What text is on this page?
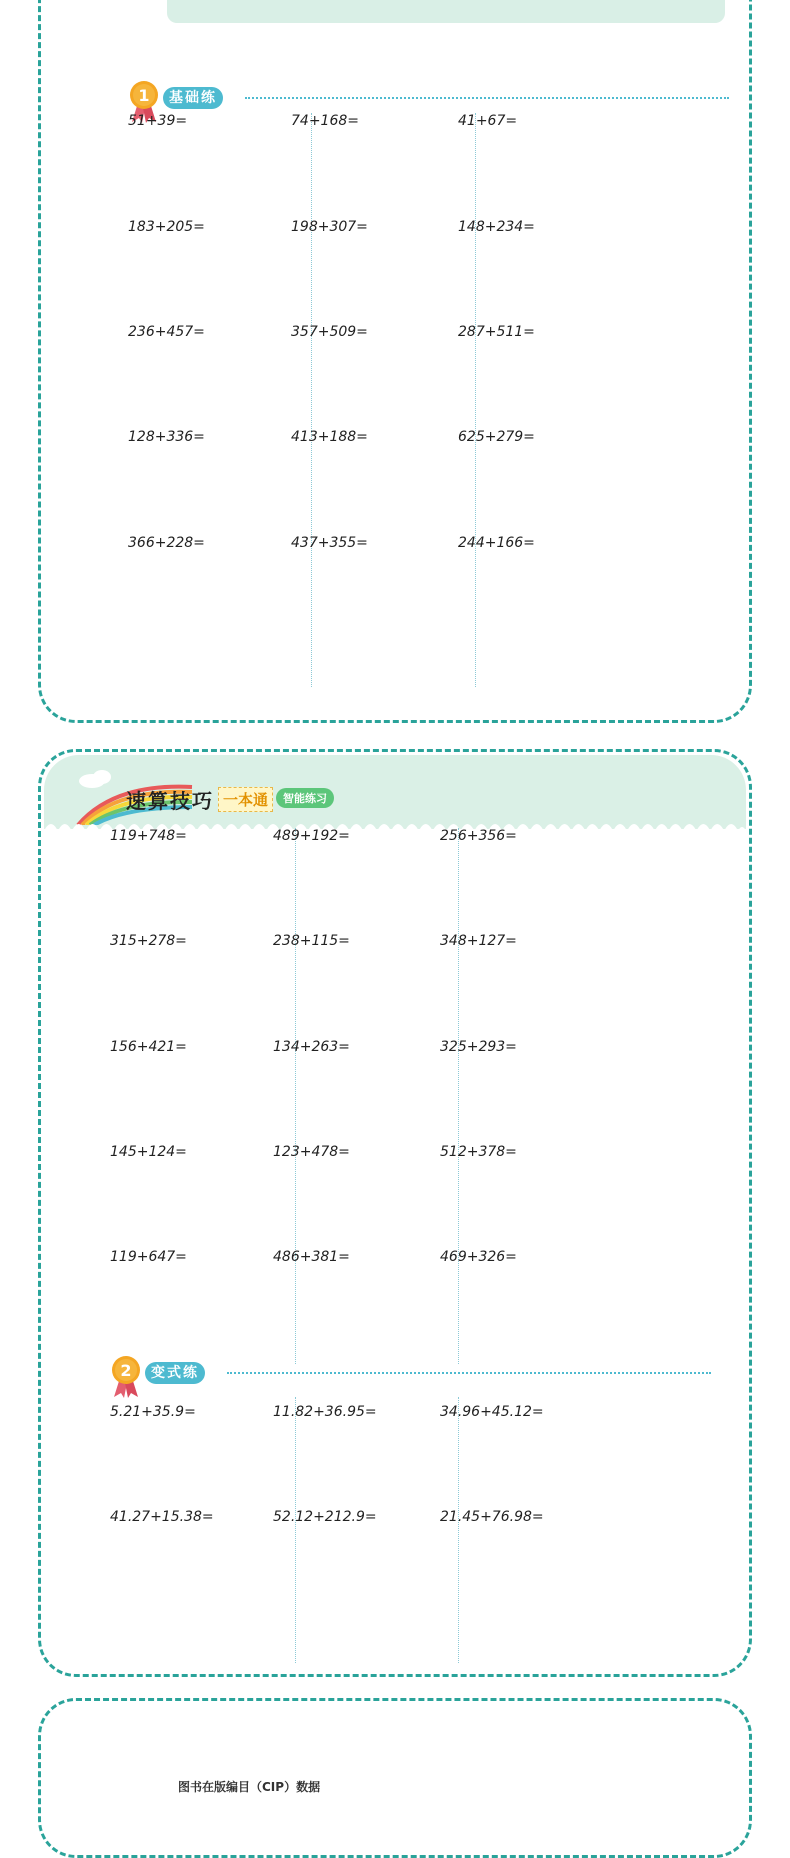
1	基础练
51+39=	74+168=	41+67=
183+205=	198+307=	148+234=
236+457=	357+509=	287+511=
128+336=	413+188=	625+279=
366+228=	437+355=	244+166=
速算技巧 一本通	智能练习
119+748=	489+192=	256+356=
315+278=	238+115=	348+127=
156+421=	134+263=	325+293=
145+124=	123+478=	512+378=
119+647=	486+381=	469+326=
2	变式练
5.21+35.9=	11.82+36.95=	34.96+45.12=
41.27+15.38=	52.12+212.9=	21.45+76.98=
图书在版编目（CIP）数据
